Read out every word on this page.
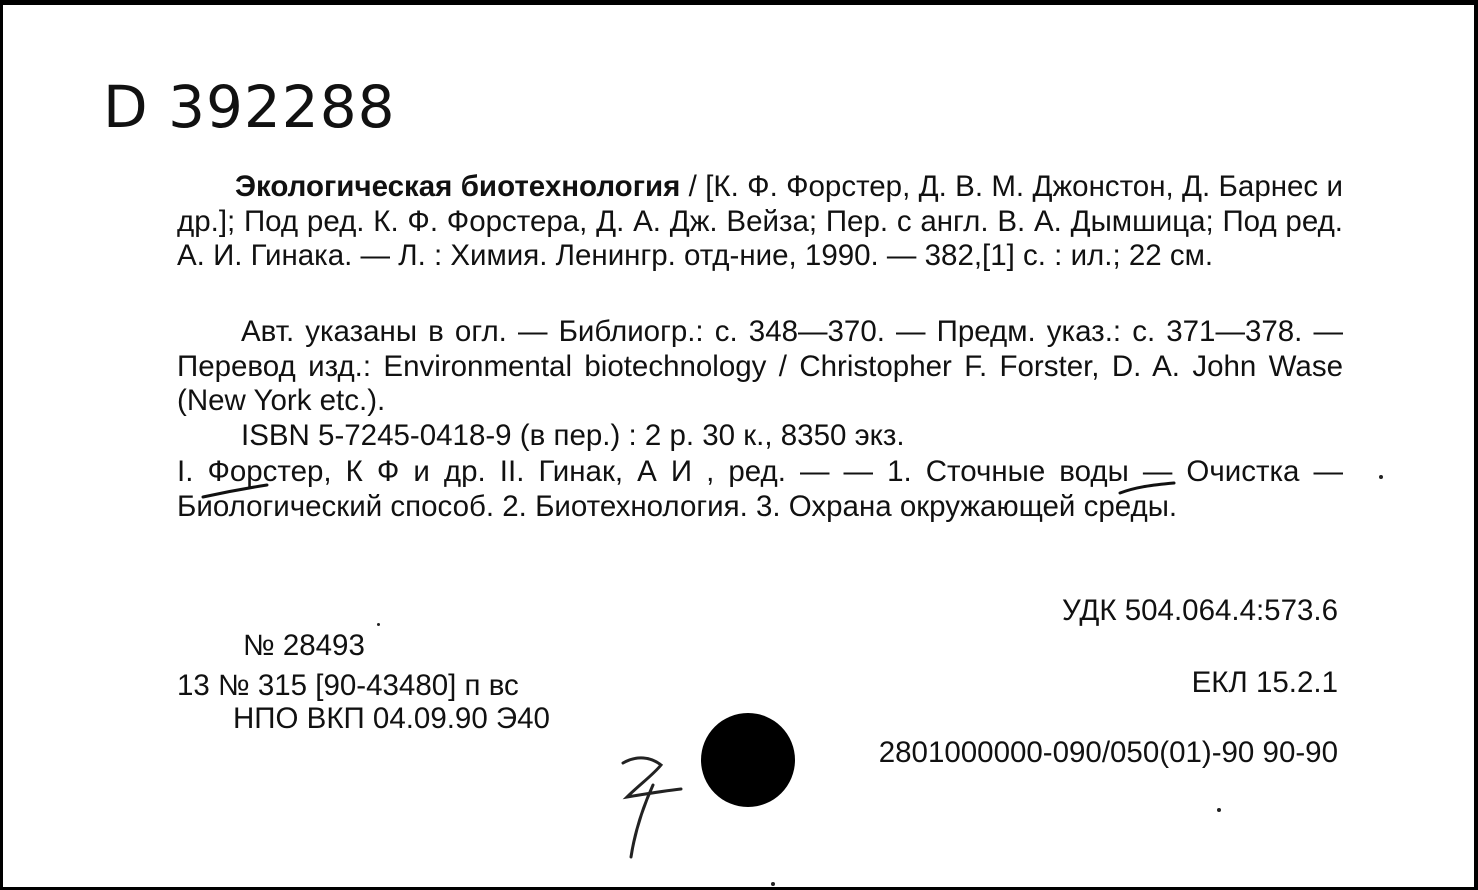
D 392288
Экологическая биотехнология / [К. Ф. Форстер, Д. В. М. Джонстон, Д. Барнес и др.]; Под ред. К. Ф. Форстера, Д. А. Дж. Вейза; Пер. с англ. В. А. Дымшица; Под ред. А. И. Гинака. — Л. : Химия. Ленингр. отд-ние, 1990. — 382,[1] с. : ил.; 22 см.
Авт. указаны в огл. — Библиогр.: с. 348—370. — Предм. указ.: с. 371—378. — Перевод изд.: Environmental biotechnology / Christopher F. Forster, D. A. John Wase (New York etc.).
ISBN 5-7245-0418-9 (в пер.) : 2 р. 30 к., 8350 экз.
I. Форстер, К Ф и др. II. Гинак, А И , ред. — — 1. Сточные воды — Очистка — Биологический способ. 2. Биотехнология. 3. Охрана окружающей среды.
УДК 504.064.4:573.6
№ 28493
13 № 315 [90-43480] п вс
НПО ВКП 04.09.90 Э40
ЕКЛ 15.2.1
2801000000-090/050(01)-90 90-90
